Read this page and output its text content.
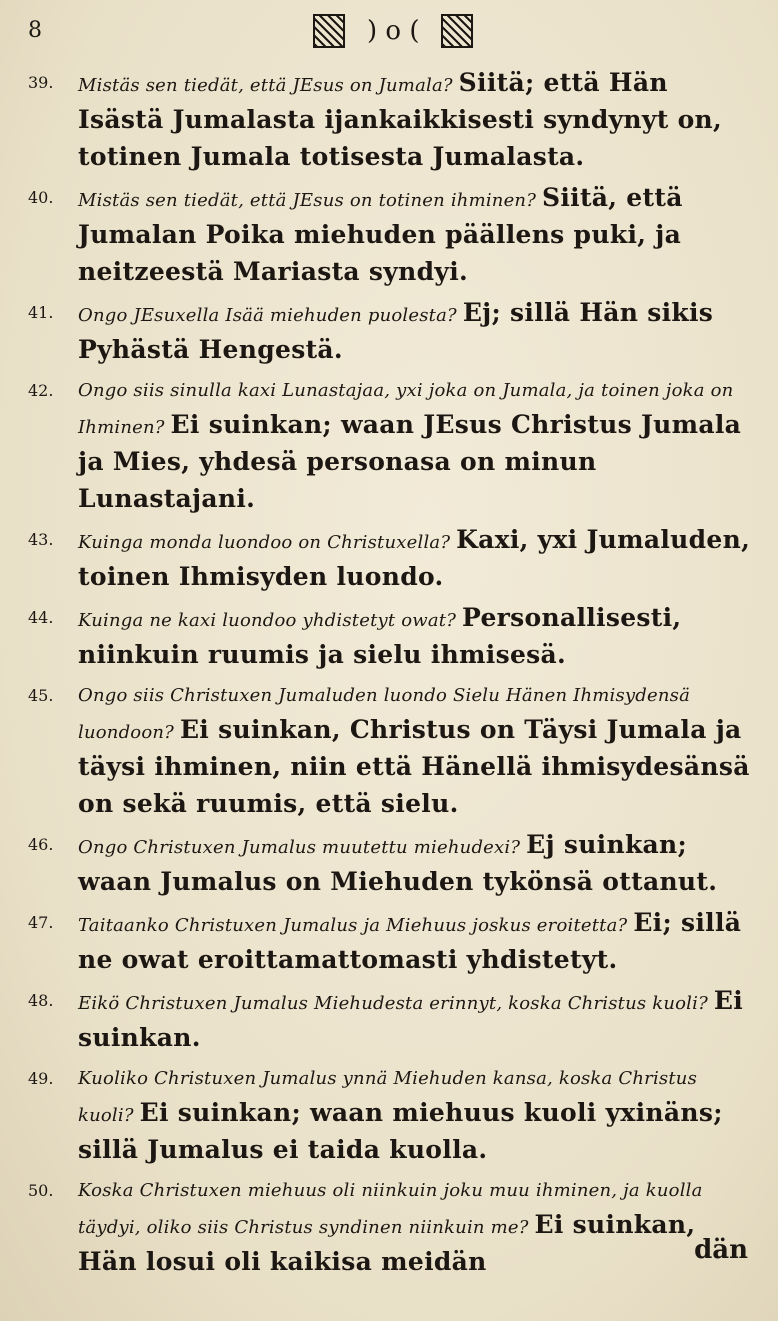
8	) o (
39.	Mistäs sen tiedät, että JEsus on Jumala? Siitä; että Hän Isästä Jumalasta ijankaikkisesti syndynyt on, totinen Jumala totisesta Jumalasta.
40.	Mistäs sen tiedät, että JEsus on totinen ihminen? Siitä, että Jumalan Poika miehuden päällens puki, ja neitzeestä Mariasta syndyi.
41.	Ongo JEsuxella Isää miehuden puolesta? Ej; sillä Hän sikis Pyhästä Hengestä.
42.	Ongo siis sinulla kaxi Lunastajaa, yxi joka on Jumala, ja toinen joka on Ihminen? Ei suinkan; waan JEsus Christus Jumala ja Mies, yhdesä personasa on minun Lunastajani.
43.	Kuinga monda luondoo on Christuxella? Kaxi, yxi Jumaluden, toinen Ihmisyden luondo.
44.	Kuinga ne kaxi luondoo yhdistetyt owat? Personallisesti, niinkuin ruumis ja sielu ihmisesä.
45.	Ongo siis Christuxen Jumaluden luondo Sielu Hänen Ihmisydensä luondoon? Ei suinkan, Christus on Täysi Jumala ja täysi ihminen, niin että Hänellä ihmisydesänsä on sekä ruumis, että sielu.
46.	Ongo Christuxen Jumalus muutettu miehudexi? Ej suinkan; waan Jumalus on Miehuden tykönsä ottanut.
47.	Taitaanko Christuxen Jumalus ja Miehuus joskus eroitetta? Ei; sillä ne owat eroittamattomasti yhdistetyt.
48.	Eikö Christuxen Jumalus Miehudesta erinnyt, koska Christus kuoli? Ei suinkan.
49.	Kuoliko Christuxen Jumalus ynnä Miehuden kansa, koska Christus kuoli? Ei suinkan; waan miehuus kuoli yxinäns; sillä Jumalus ei taida kuolla.
50.	Koska Christuxen miehuus oli niinkuin joku muu ihminen, ja kuolla täydyi, oliko siis Christus syndinen niinkuin me? Ei suinkan, Hän losui oli kaikisa meidän	dän
